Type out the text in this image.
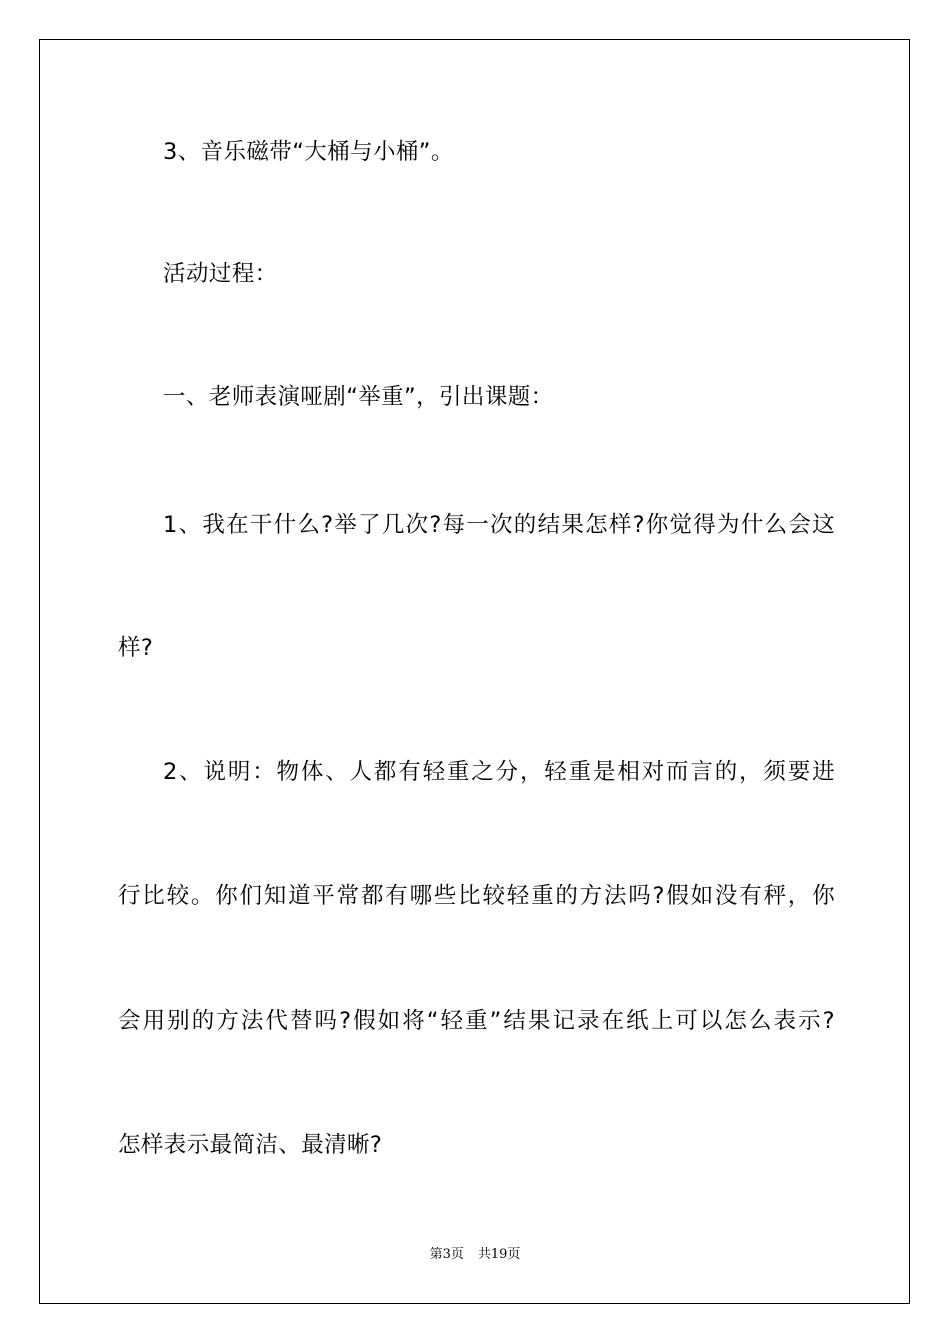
3、音乐磁带“大桶与小桶”。
活动过程：
一、老师表演哑剧“举重”，引出课题：
1、我在干什么?举了几次?每一次的结果怎样?你觉得为什么会这
样?
2、说明：物体、人都有轻重之分，轻重是相对而言的，须要进
行比较。你们知道平常都有哪些比较轻重的方法吗?假如没有秤，你
会用别的方法代替吗?假如将“轻重”结果记录在纸上可以怎么表示?
怎样表示最简洁、最清晰?
第3页 共19页
